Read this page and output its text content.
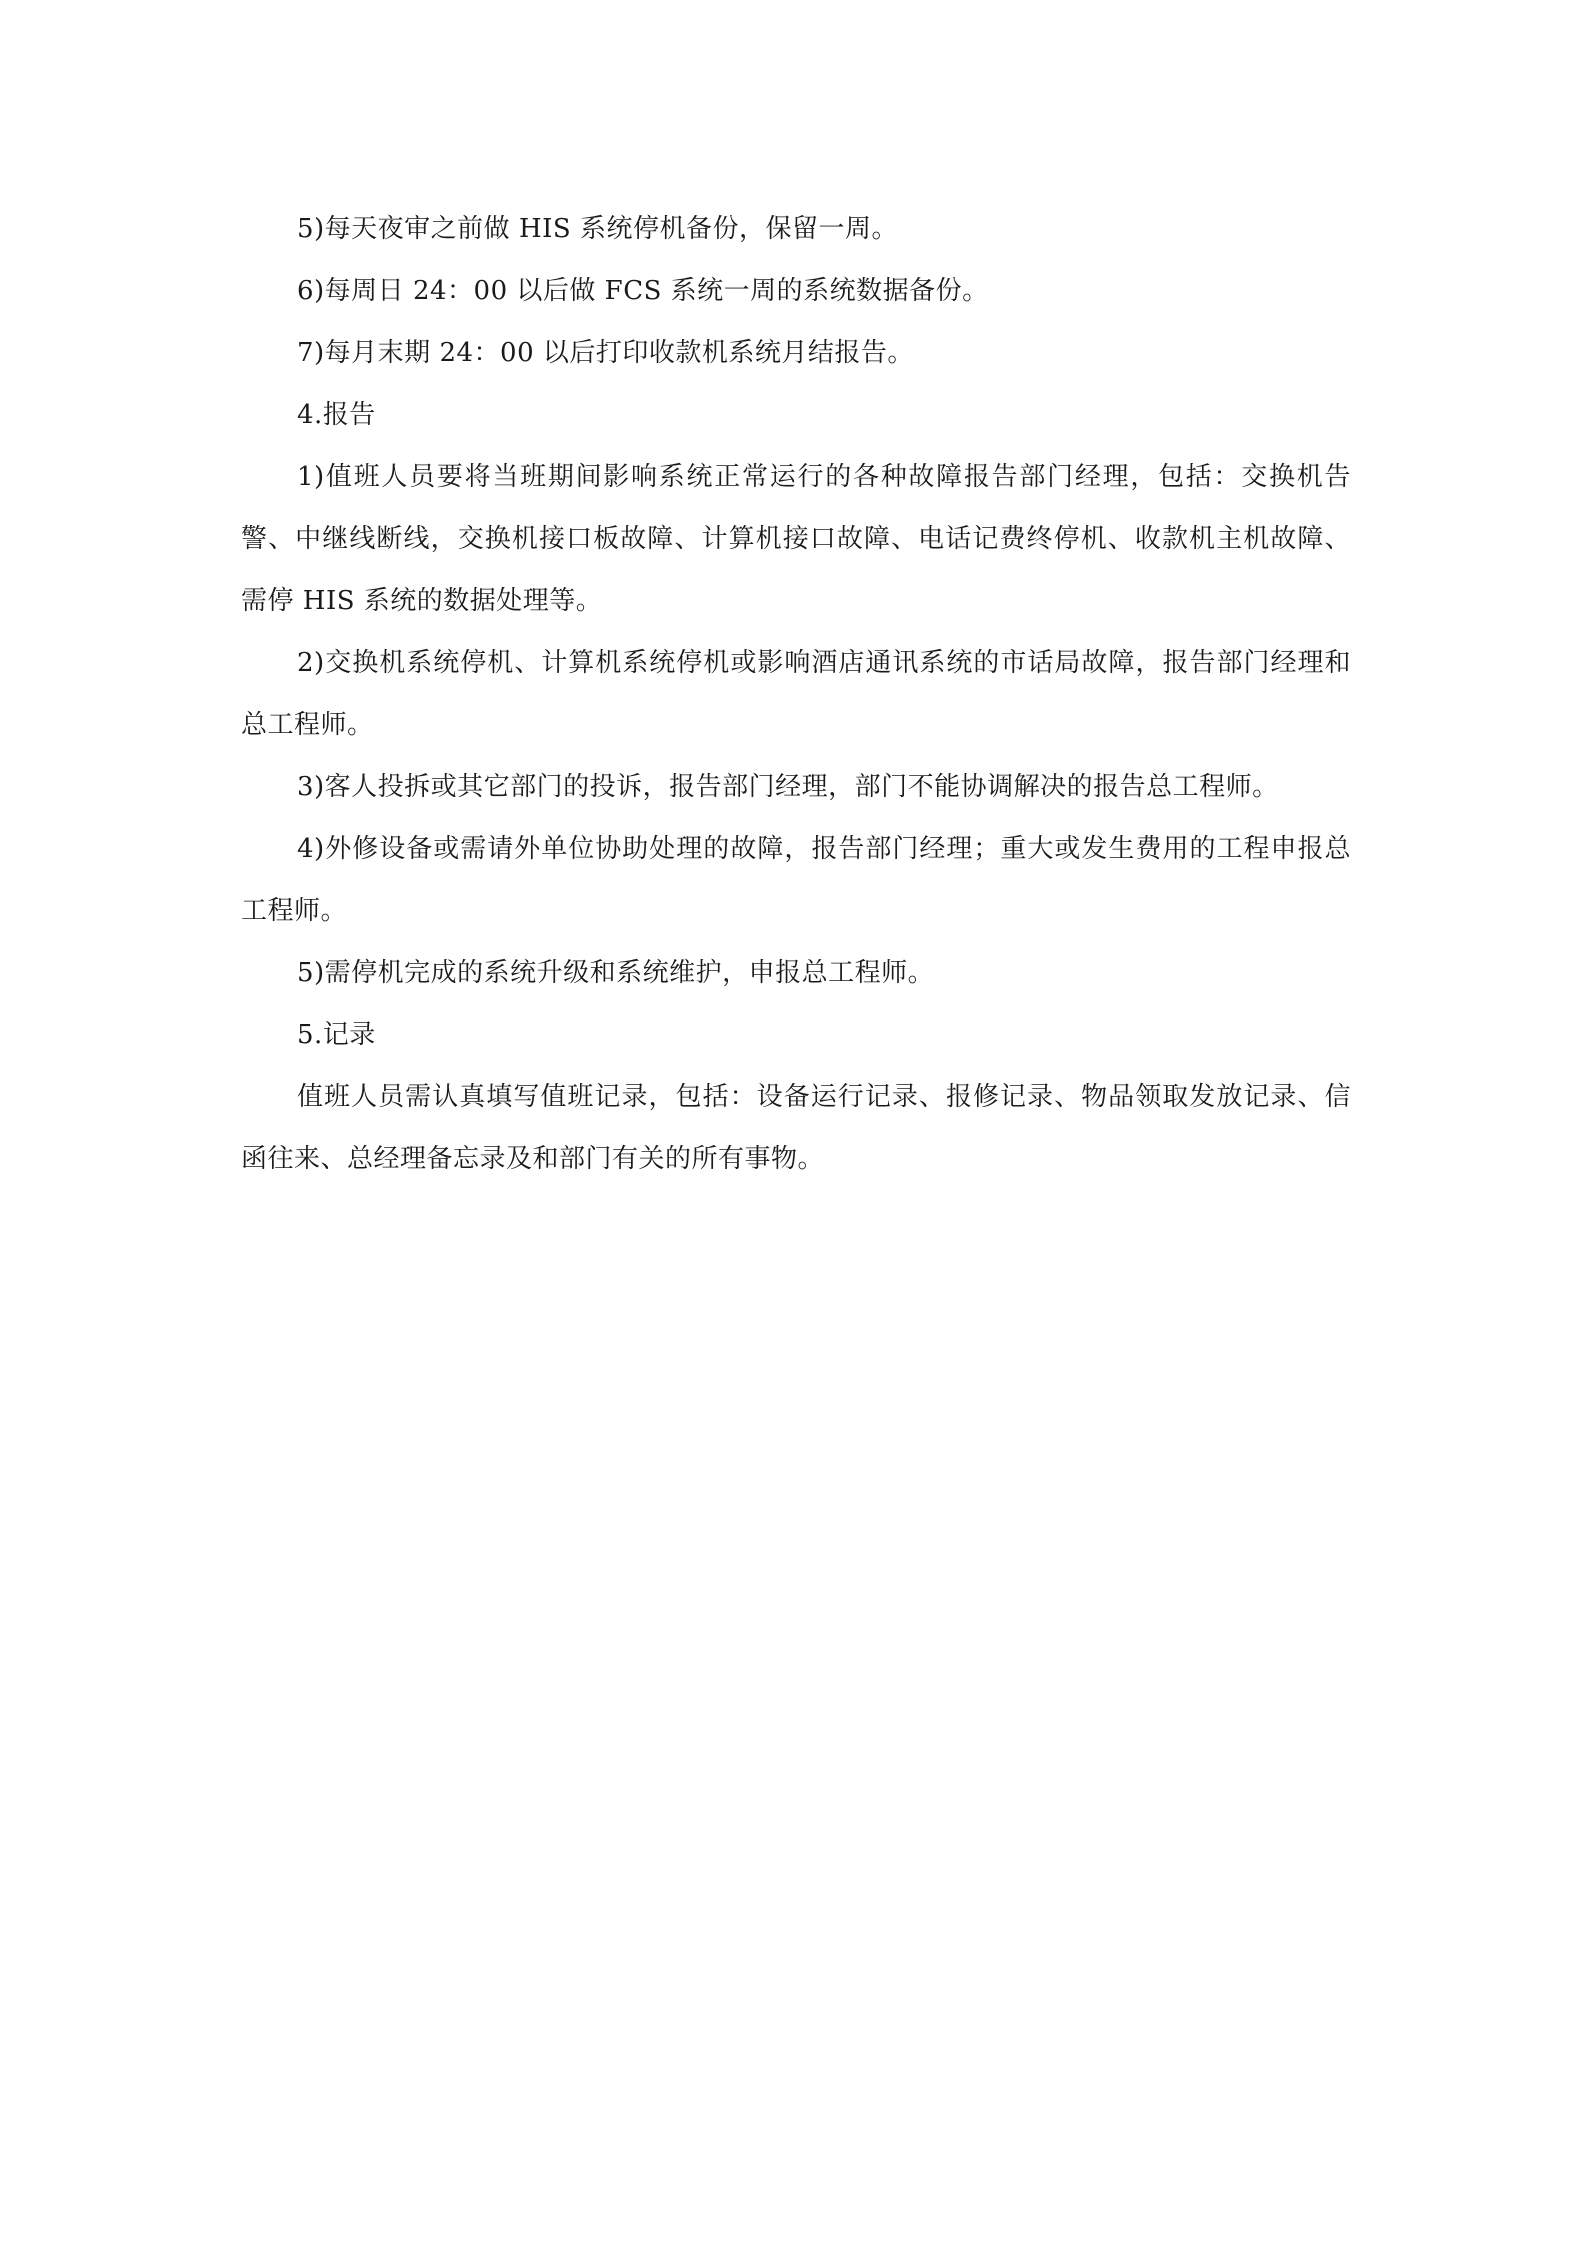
5)每天夜审之前做 HIS 系统停机备份，保留一周。

6)每周日 24：00 以后做 FCS 系统一周的系统数据备份。

7)每月末期 24：00 以后打印收款机系统月结报告。

4.报告

1)值班人员要将当班期间影响系统正常运行的各种故障报告部门经理，包括：交换机告警、中继线断线，交换机接口板故障、计算机接口故障、电话记费终停机、收款机主机故障、需停 HIS 系统的数据处理等。

2)交换机系统停机、计算机系统停机或影响酒店通讯系统的市话局故障，报告部门经理和总工程师。

3)客人投拆或其它部门的投诉，报告部门经理，部门不能协调解决的报告总工程师。

4)外修设备或需请外单位协助处理的故障，报告部门经理；重大或发生费用的工程申报总工程师。

5)需停机完成的系统升级和系统维护，申报总工程师。

5.记录

值班人员需认真填写值班记录，包括：设备运行记录、报修记录、物品领取发放记录、信函往来、总经理备忘录及和部门有关的所有事物。
